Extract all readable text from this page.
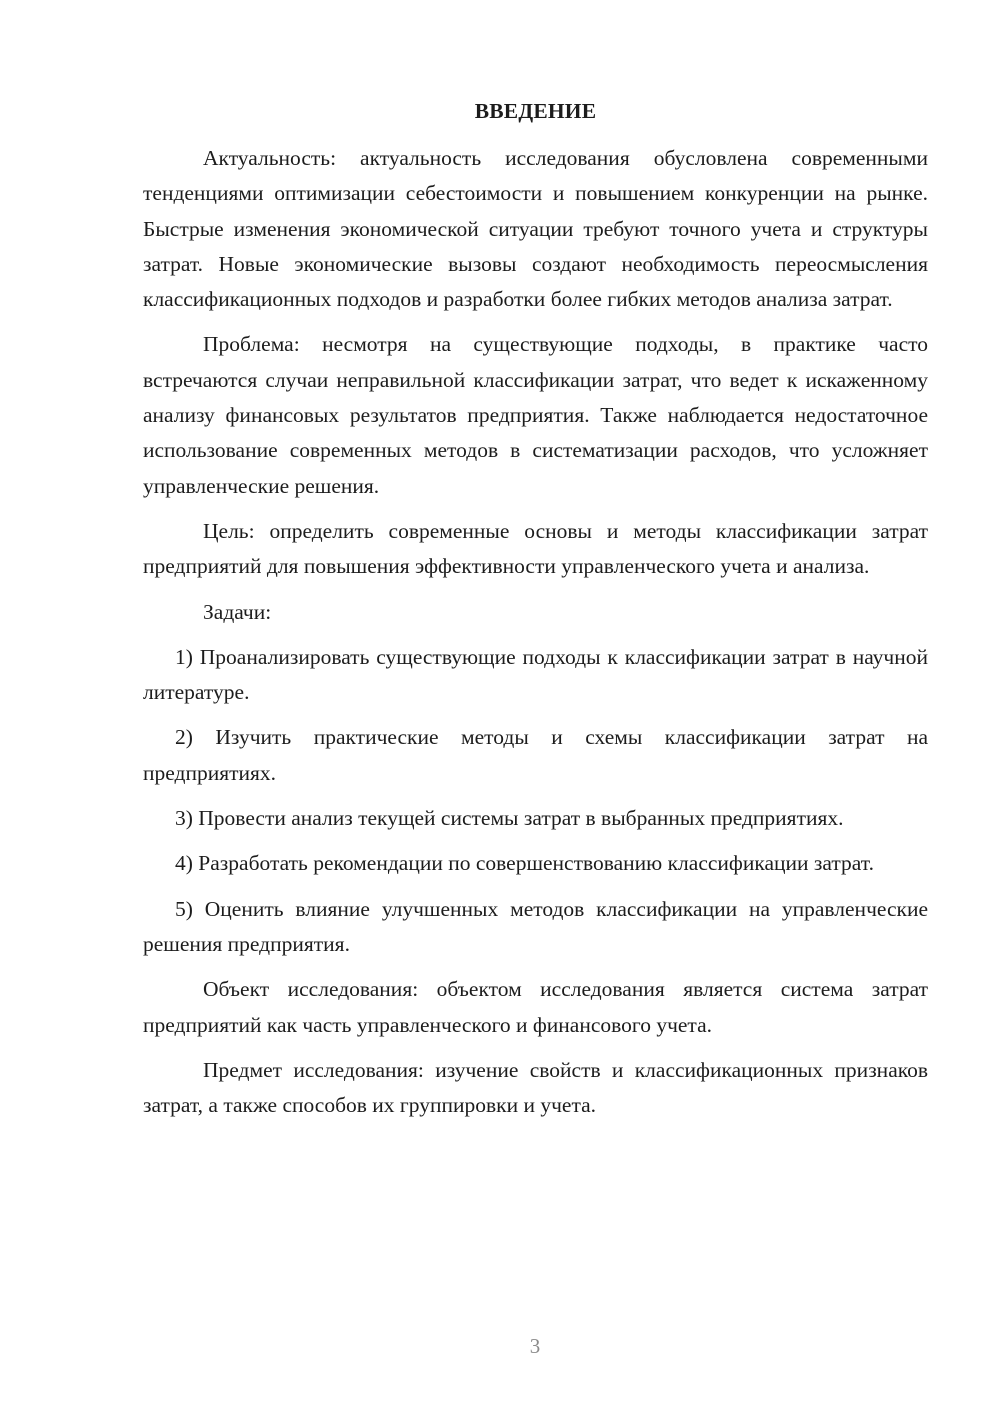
ВВЕДЕНИЕ

Актуальность: актуальность исследования обусловлена современными тенденциями оптимизации себестоимости и повышением конкуренции на рынке. Быстрые изменения экономической ситуации требуют точного учета и структуры затрат. Новые экономические вызовы создают необходимость переосмысления классификационных подходов и разработки более гибких методов анализа затрат.

Проблема: несмотря на существующие подходы, в практике часто встречаются случаи неправильной классификации затрат, что ведет к искаженному анализу финансовых результатов предприятия. Также наблюдается недостаточное использование современных методов в систематизации расходов, что усложняет управленческие решения.

Цель: определить современные основы и методы классификации затрат предприятий для повышения эффективности управленческого учета и анализа.

Задачи:

1) Проанализировать существующие подходы к классификации затрат в научной литературе.

2) Изучить практические методы и схемы классификации затрат на предприятиях.

3) Провести анализ текущей системы затрат в выбранных предприятиях.

4) Разработать рекомендации по совершенствованию классификации затрат.

5) Оценить влияние улучшенных методов классификации на управленческие решения предприятия.

Объект исследования: объектом исследования является система затрат предприятий как часть управленческого и финансового учета.

Предмет исследования: изучение свойств и классификационных признаков затрат, а также способов их группировки и учета.

3
